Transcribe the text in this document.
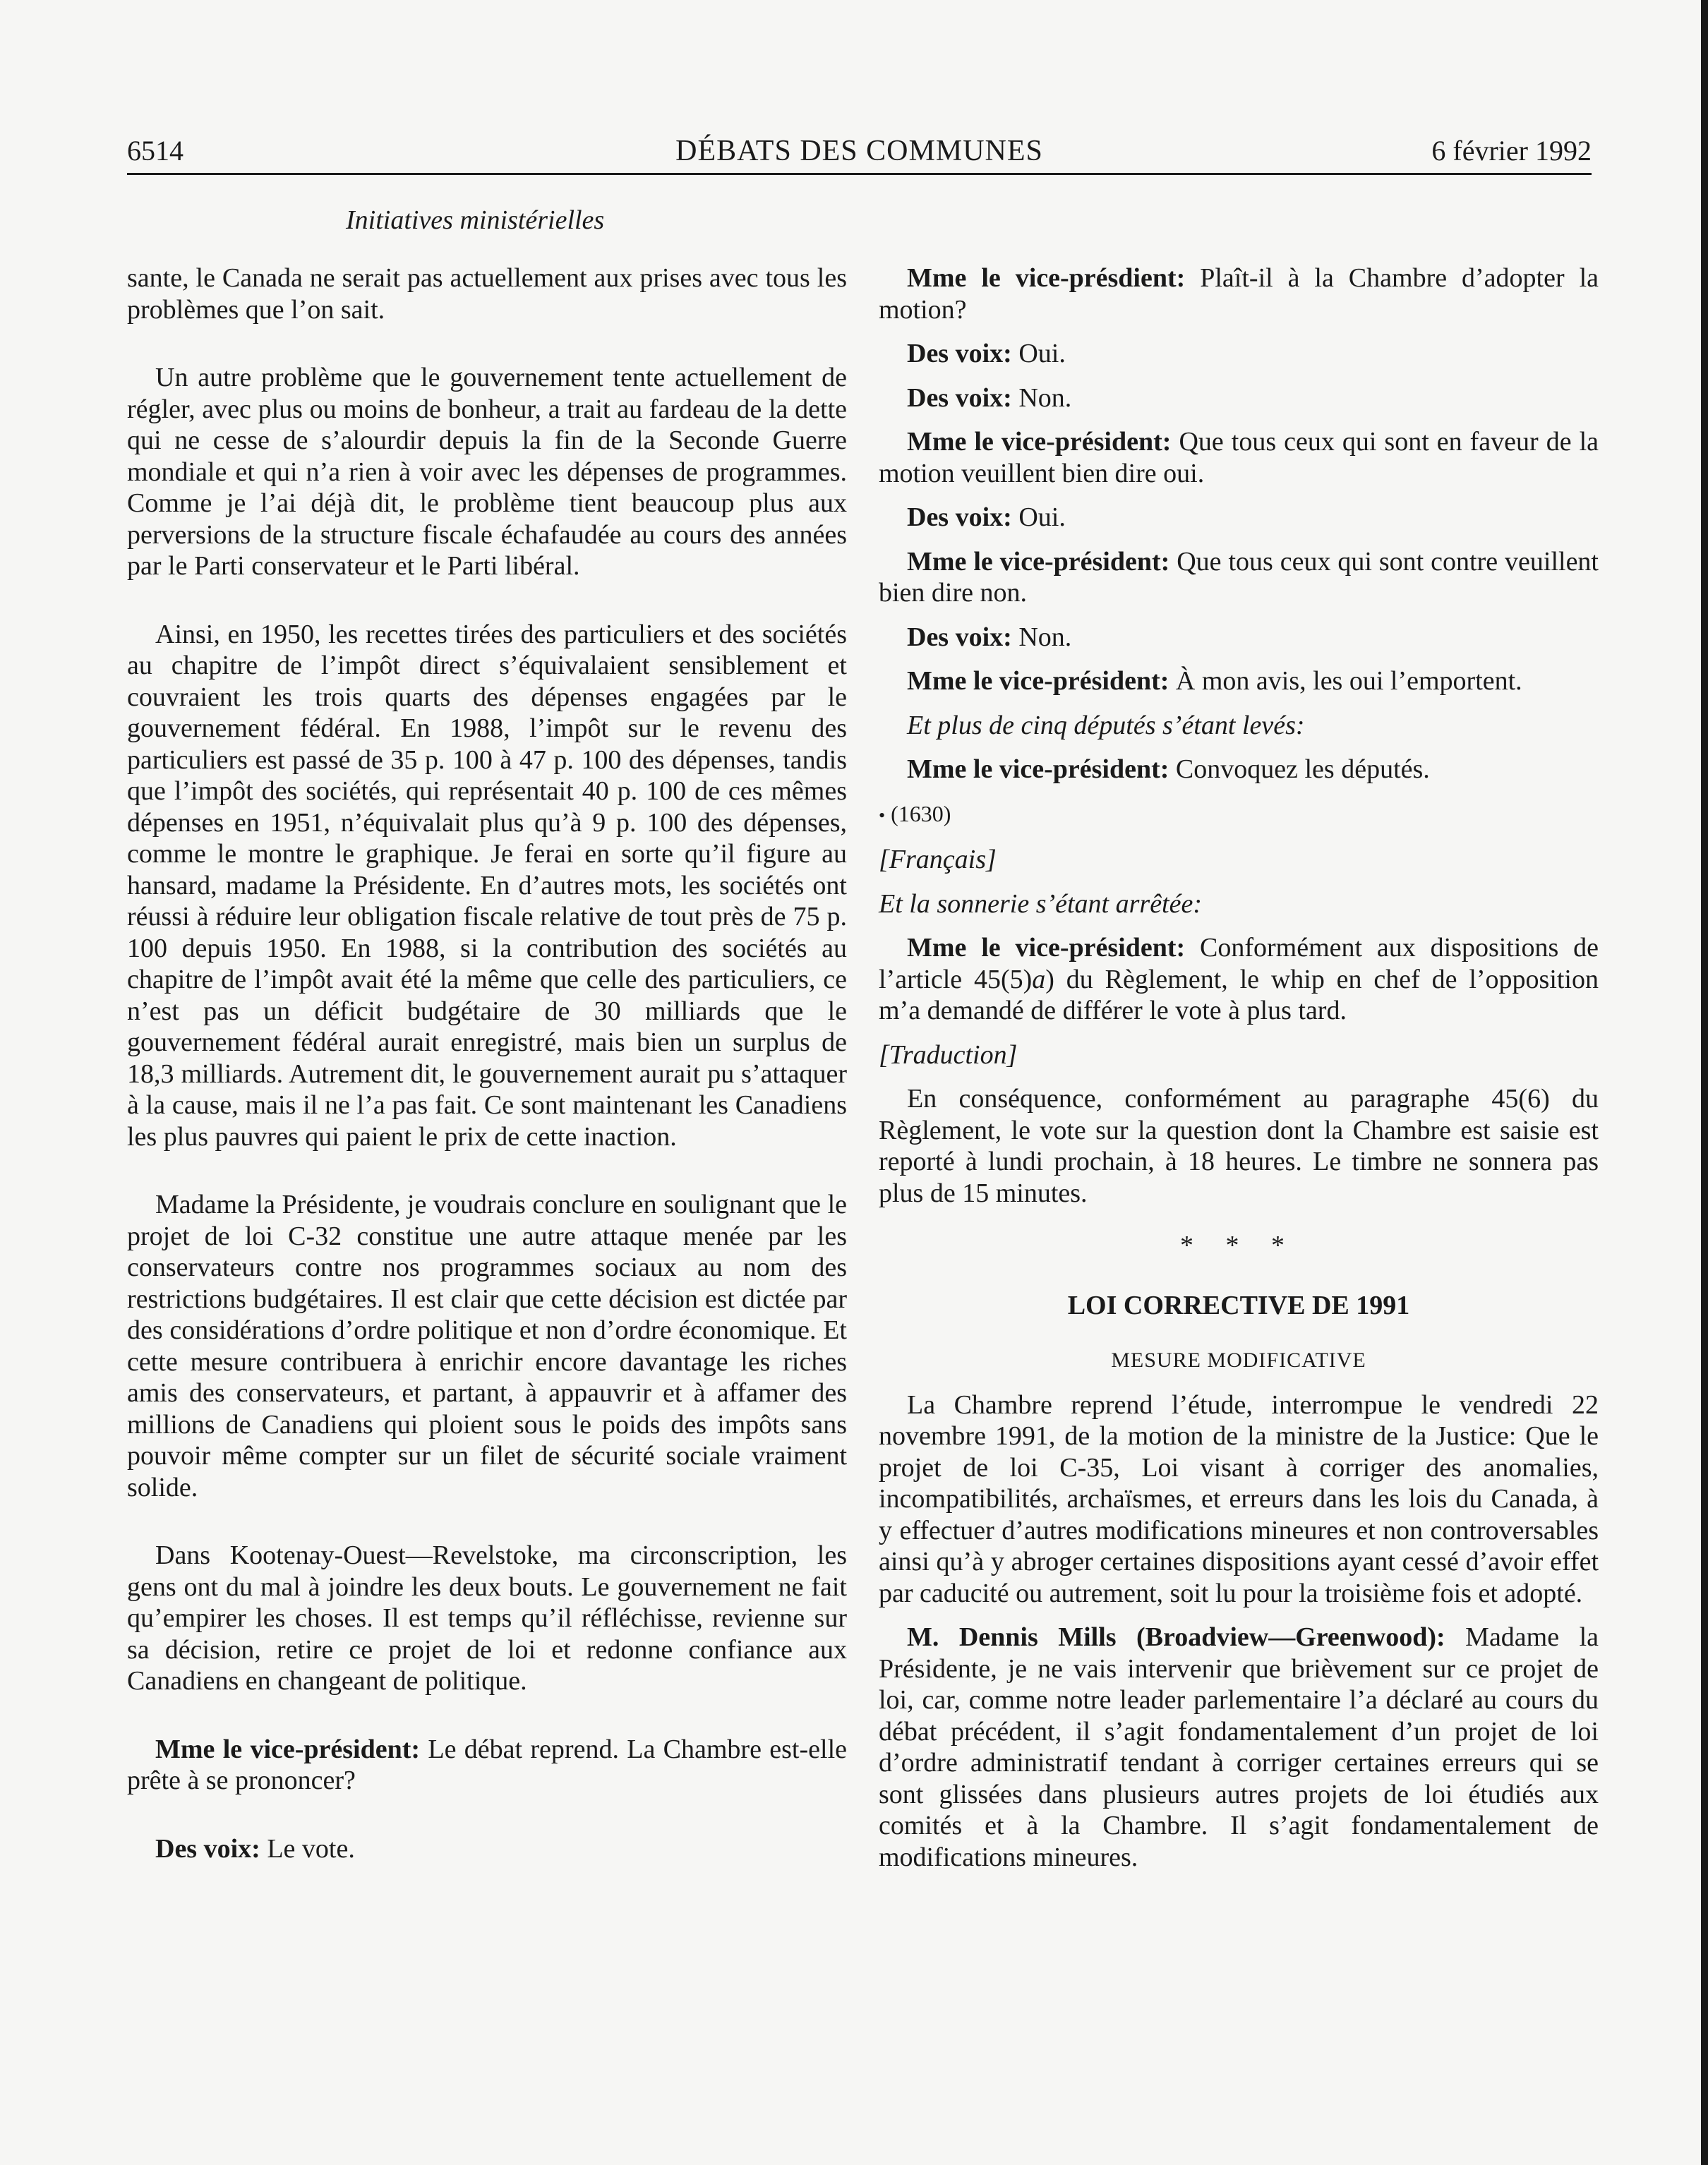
6514	DÉBATS DES COMMUNES	6 février 1992
Initiatives ministérielles

sante, le Canada ne serait pas actuellement aux prises avec tous les problèmes que l’on sait.

Un autre problème que le gouvernement tente actuellement de régler, avec plus ou moins de bonheur, a trait au fardeau de la dette qui ne cesse de s’alourdir depuis la fin de la Seconde Guerre mondiale et qui n’a rien à voir avec les dépenses de programmes. Comme je l’ai déjà dit, le problème tient beaucoup plus aux perversions de la structure fiscale échafaudée au cours des années par le Parti conservateur et le Parti libéral.

Ainsi, en 1950, les recettes tirées des particuliers et des sociétés au chapitre de l’impôt direct s’équivalaient sensiblement et couvraient les trois quarts des dépenses engagées par le gouvernement fédéral. En 1988, l’impôt sur le revenu des particuliers est passé de 35 p. 100 à 47 p. 100 des dépenses, tandis que l’impôt des sociétés, qui représentait 40 p. 100 de ces mêmes dépenses en 1951, n’équivalait plus qu’à 9 p. 100 des dépenses, comme le montre le graphique. Je ferai en sorte qu’il figure au hansard, madame la Présidente. En d’autres mots, les sociétés ont réussi à réduire leur obligation fiscale relative de tout près de 75 p. 100 depuis 1950. En 1988, si la contribution des sociétés au chapitre de l’impôt avait été la même que celle des particuliers, ce n’est pas un déficit budgétaire de 30 milliards que le gouvernement fédéral aurait enregistré, mais bien un surplus de 18,3 milliards. Autrement dit, le gouvernement aurait pu s’attaquer à la cause, mais il ne l’a pas fait. Ce sont maintenant les Canadiens les plus pauvres qui paient le prix de cette inaction.

Madame la Présidente, je voudrais conclure en soulignant que le projet de loi C-32 constitue une autre attaque menée par les conservateurs contre nos programmes sociaux au nom des restrictions budgétaires. Il est clair que cette décision est dictée par des considérations d’ordre politique et non d’ordre économique. Et cette mesure contribuera à enrichir encore davantage les riches amis des conservateurs, et partant, à appauvrir et à affamer des millions de Canadiens qui ploient sous le poids des impôts sans pouvoir même compter sur un filet de sécurité sociale vraiment solide.

Dans Kootenay-Ouest—Revelstoke, ma circonscription, les gens ont du mal à joindre les deux bouts. Le gouvernement ne fait qu’empirer les choses. Il est temps qu’il réfléchisse, revienne sur sa décision, retire ce projet de loi et redonne confiance aux Canadiens en changeant de politique.

Mme le vice-président: Le débat reprend. La Chambre est-elle prête à se prononcer?

Des voix: Le vote.

Mme le vice-présdient: Plaît-il à la Chambre d’adopter la motion?

Des voix: Oui.

Des voix: Non.

Mme le vice-président: Que tous ceux qui sont en faveur de la motion veuillent bien dire oui.

Des voix: Oui.

Mme le vice-président: Que tous ceux qui sont contre veuillent bien dire non.

Des voix: Non.

Mme le vice-président: À mon avis, les oui l’emportent.

Et plus de cinq députés s’étant levés:

Mme le vice-président: Convoquez les députés.

• (1630)

[Français]

Et la sonnerie s’étant arrêtée:

Mme le vice-président: Conformément aux dispositions de l’article 45(5)a) du Règlement, le whip en chef de l’opposition m’a demandé de différer le vote à plus tard.

[Traduction]

En conséquence, conformément au paragraphe 45(6) du Règlement, le vote sur la question dont la Chambre est saisie est reporté à lundi prochain, à 18 heures. Le timbre ne sonnera pas plus de 15 minutes.

* * *

LOI CORRECTIVE DE 1991

MESURE MODIFICATIVE

La Chambre reprend l’étude, interrompue le vendredi 22 novembre 1991, de la motion de la ministre de la Justice: Que le projet de loi C-35, Loi visant à corriger des anomalies, incompatibilités, archaïsmes, et erreurs dans les lois du Canada, à y effectuer d’autres modifications mineures et non controversables ainsi qu’à y abroger certaines dispositions ayant cessé d’avoir effet par caducité ou autrement, soit lu pour la troisième fois et adopté.

M. Dennis Mills (Broadview—Greenwood): Madame la Présidente, je ne vais intervenir que brièvement sur ce projet de loi, car, comme notre leader parlementaire l’a déclaré au cours du débat précédent, il s’agit fondamentalement d’un projet de loi d’ordre administratif tendant à corriger certaines erreurs qui se sont glissées dans plusieurs autres projets de loi étudiés aux comités et à la Chambre. Il s’agit fondamentalement de modifications mineures.
